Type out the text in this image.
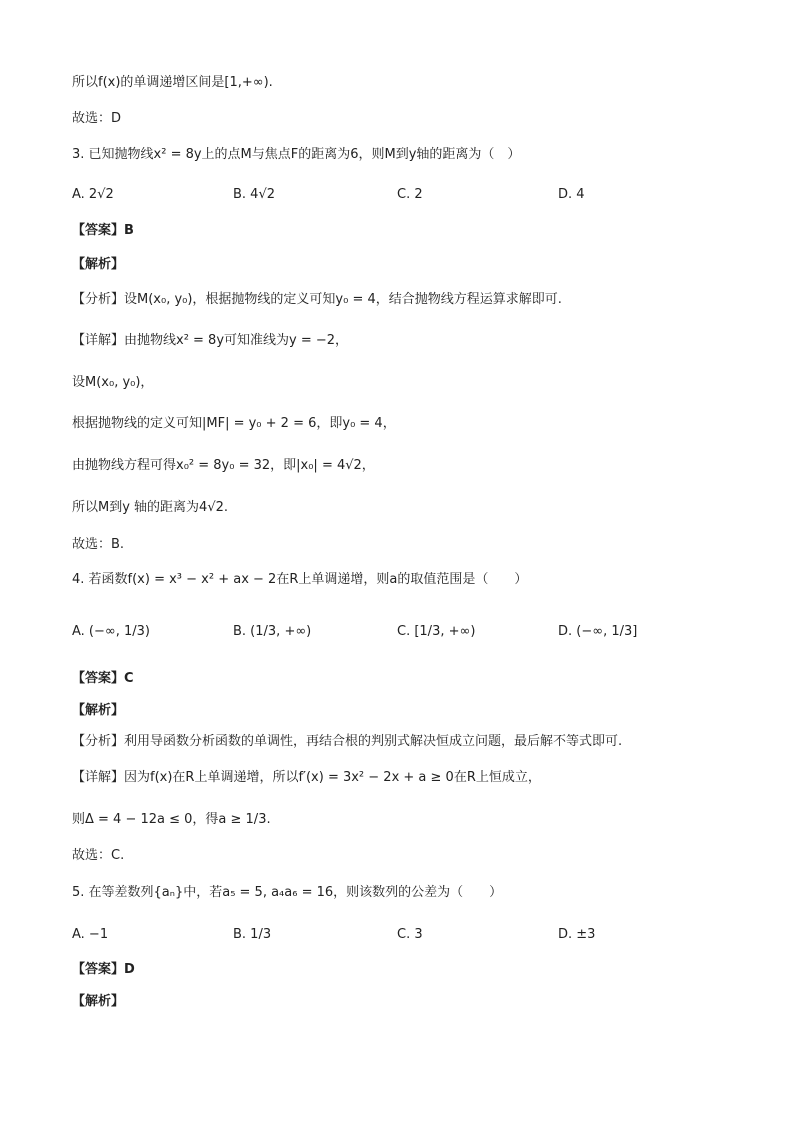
所以f(x)的单调递增区间是[1,+∞).
故选：D
3. 已知抛物线x² = 8y上的点M与焦点F的距离为6，则M到y轴的距离为（　）
A. 2√2	B. 4√2	C. 2	D. 4
【答案】B
【解析】
【分析】设M(x₀, y₀)，根据抛物线的定义可知y₀ = 4，结合抛物线方程运算求解即可.
【详解】由抛物线x² = 8y可知准线为y = −2，
设M(x₀, y₀)，
根据抛物线的定义可知|MF| = y₀ + 2 = 6，即y₀ = 4，
由抛物线方程可得x₀² = 8y₀ = 32，即|x₀| = 4√2，
所以M到y 轴的距离为4√2.
故选：B.
4. 若函数f(x) = x³ − x² + ax − 2在R上单调递增，则a的取值范围是（　　）
A. (−∞, 1/3)	B. (1/3, +∞)	C. [1/3, +∞)	D. (−∞, 1/3]
【答案】C
【解析】
【分析】利用导函数分析函数的单调性，再结合根的判别式解决恒成立问题，最后解不等式即可.
【详解】因为f(x)在R上单调递增，所以f′(x) = 3x² − 2x + a ≥ 0在R上恒成立，
则Δ = 4 − 12a ≤ 0，得a ≥ 1/3.
故选：C.
5. 在等差数列{aₙ}中，若a₅ = 5, a₄a₆ = 16，则该数列的公差为（　　）
A. −1	B. 1/3	C. 3	D. ±3
【答案】D
【解析】
